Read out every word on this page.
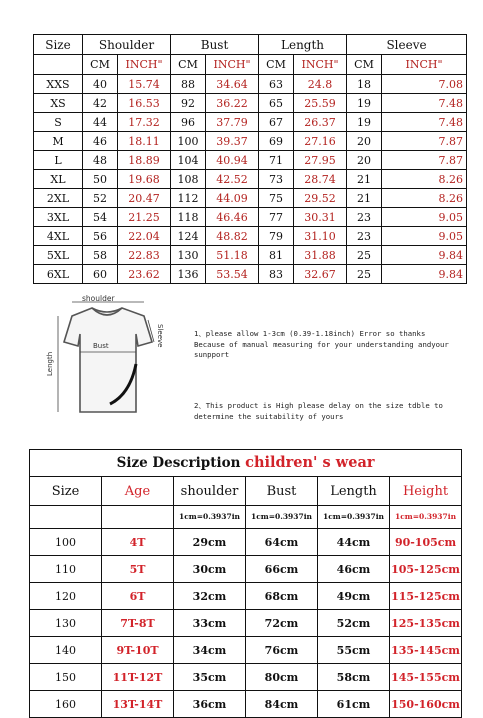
Size	Shoulder		Bust		Length		Sleeve	
	CM	INCH"	CM	INCH"	CM	INCH"	CM	INCH"
XXS	40	15.74	88	34.64	63	24.8	18	7.08
XS	42	16.53	92	36.22	65	25.59	19	7.48
S	44	17.32	96	37.79	67	26.37	19	7.48
M	46	18.11	100	39.37	69	27.16	20	7.87
L	48	18.89	104	40.94	71	27.95	20	7.87
XL	50	19.68	108	42.52	73	28.74	21	8.26
2XL	52	20.47	112	44.09	75	29.52	21	8.26
3XL	54	21.25	118	46.46	77	30.31	23	9.05
4XL	56	22.04	124	48.82	79	31.10	23	9.05
5XL	58	22.83	130	51.18	81	31.88	25	9.84
6XL	60	23.62	136	53.54	83	32.67	25	9.84
shoulder
Bust	Sleeve
Length
1、please allow 1-3cm (0.39-1.18inch) Error so thanks
Because of manual measuring for your understanding andyour
sunpport
2、This product is High please delay on the size tdble to
determine the suitability of yours
Size Description children' s wear					
Size	Age	shoulder	Bust	Length	Height
		1cm=0.3937in	1cm=0.3937in	1cm=0.3937in	1cm=0.3937in
100	4T	29cm	64cm	44cm	90-105cm
110	5T	30cm	66cm	46cm	105-125cm
120	6T	32cm	68cm	49cm	115-125cm
130	7T-8T	33cm	72cm	52cm	125-135cm
140	9T-10T	34cm	76cm	55cm	135-145cm
150	11T-12T	35cm	80cm	58cm	145-155cm
160	13T-14T	36cm	84cm	61cm	150-160cm
